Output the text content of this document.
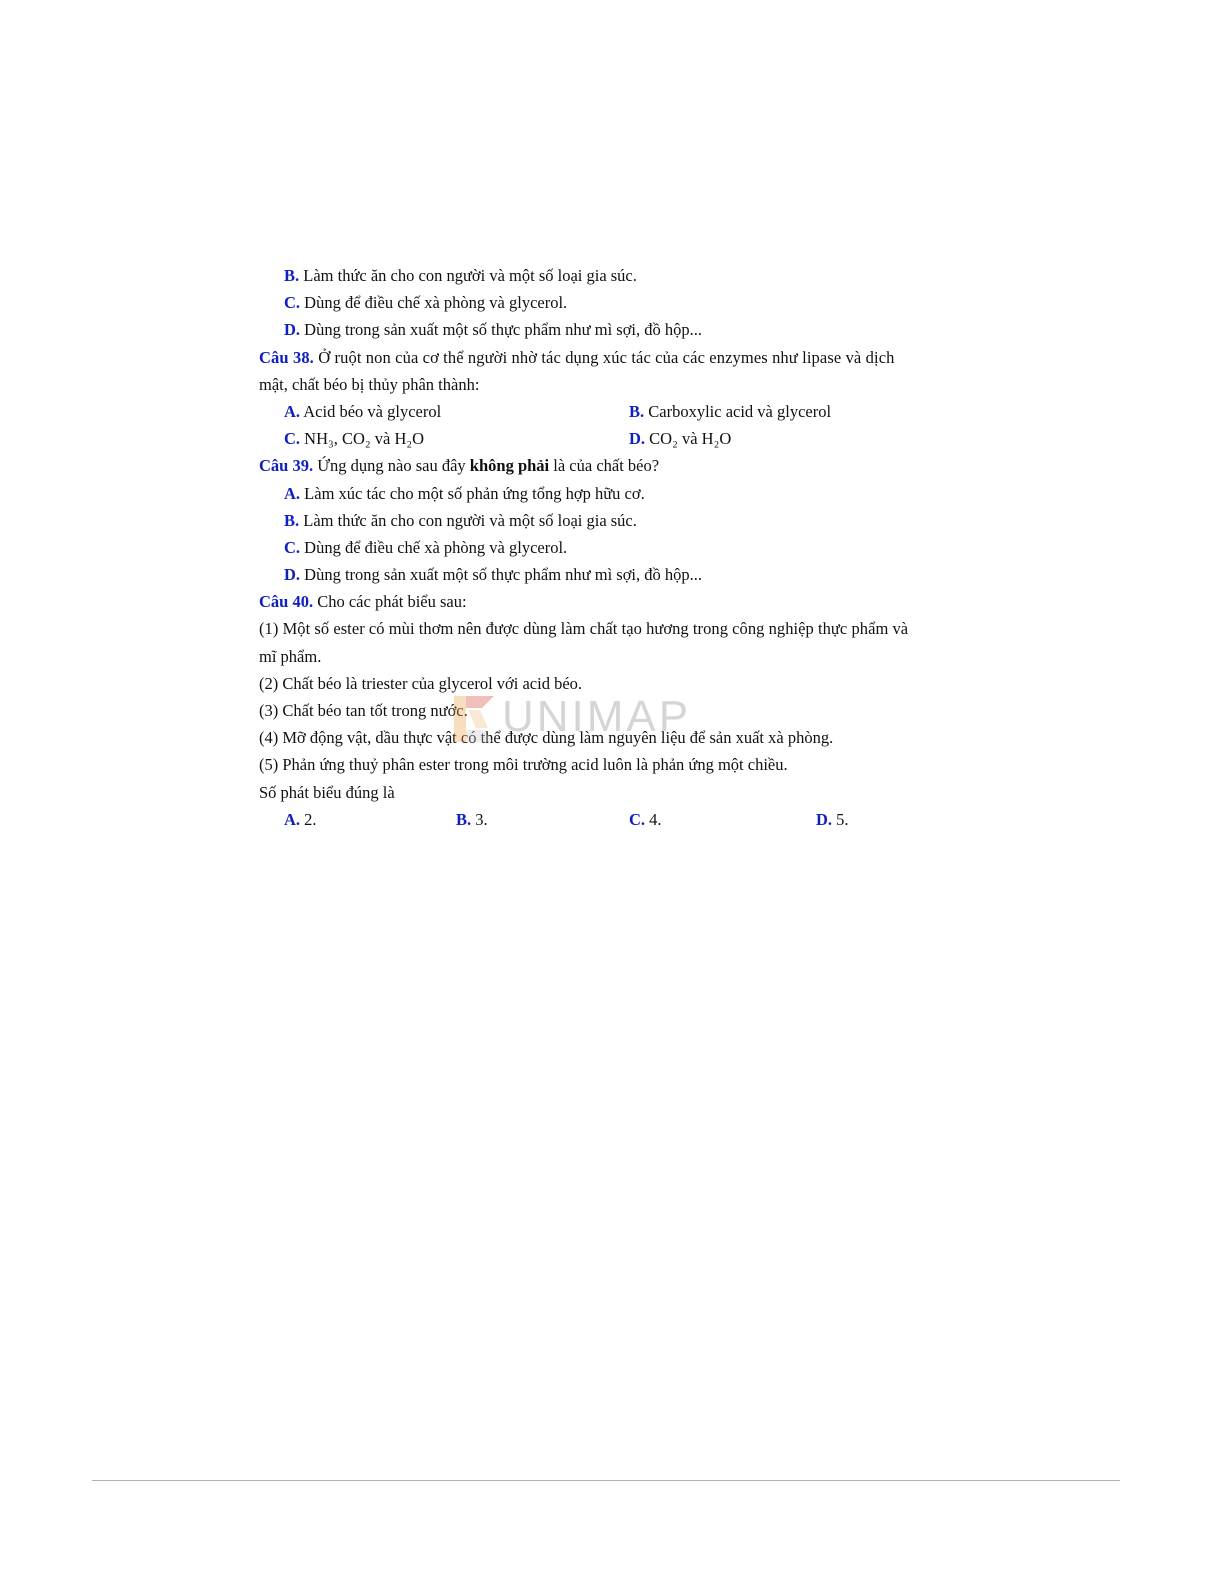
B. Làm thức ăn cho con người và một số loại gia súc.
C. Dùng để điều chế xà phòng và glycerol.
D. Dùng trong sản xuất một số thực phẩm như mì sợi, đồ hộp...
Câu 38. Ở ruột non của cơ thể người nhờ tác dụng xúc tác của các enzymes như lipase và dịch
mật, chất béo bị thủy phân thành:
A. Acid béo và glycerol	B. Carboxylic acid và glycerol
C. NH₃, CO₂ và H₂O	D. CO₂ và H₂O
Câu 39. Ứng dụng nào sau đây không phải là của chất béo?
A. Làm xúc tác cho một số phản ứng tổng hợp hữu cơ.
B. Làm thức ăn cho con người và một số loại gia súc.
C. Dùng để điều chế xà phòng và glycerol.
D. Dùng trong sản xuất một số thực phẩm như mì sợi, đồ hộp...
Câu 40. Cho các phát biểu sau:
(1) Một số ester có mùi thơm nên được dùng làm chất tạo hương trong công nghiệp thực phẩm và
mĩ phẩm.
(2) Chất béo là triester của glycerol với acid béo.
(3) Chất béo tan tốt trong nước.
(4) Mỡ động vật, dầu thực vật có thể được dùng làm nguyên liệu để sản xuất xà phòng.
(5) Phản ứng thuỷ phân ester trong môi trường acid luôn là phản ứng một chiều.
Số phát biểu đúng là
A. 2.	B. 3.	C. 4.	D. 5.
UNIMAP
